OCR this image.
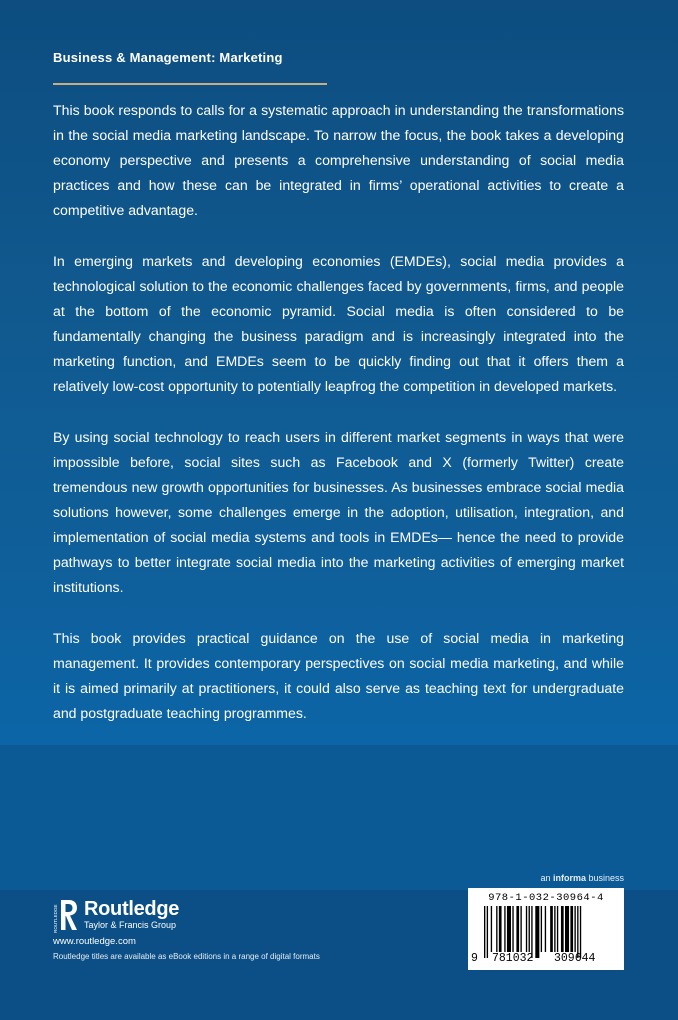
Business & Management: Marketing

This book responds to calls for a systematic approach in understanding the transformations in the social media marketing landscape. To narrow the focus, the book takes a developing economy perspective and presents a comprehensive understanding of social media practices and how these can be integrated in firms’ operational activities to create a competitive advantage.

In emerging markets and developing economies (EMDEs), social media provides a technological solution to the economic challenges faced by governments, firms, and people at the bottom of the economic pyramid. Social media is often considered to be fundamentally changing the business paradigm and is increasingly integrated into the marketing function, and EMDEs seem to be quickly finding out that it offers them a relatively low-cost opportunity to potentially leapfrog the competition in developed markets.

By using social technology to reach users in different market segments in ways that were impossible before, social sites such as Facebook and X (formerly Twitter) create tremendous new growth opportunities for businesses. As businesses embrace social media solutions however, some challenges emerge in the adoption, utilisation, integration, and implementation of social media systems and tools in EMDEs— hence the need to provide pathways to better integrate social media into the marketing activities of emerging market institutions.

This book provides practical guidance on the use of social media in marketing management. It provides contemporary perspectives on social media marketing, and while it is aimed primarily at practitioners, it could also serve as teaching text for undergraduate and postgraduate teaching programmes.

an informa business
ROUTLEDGE Routledge
Taylor & Francis Group
www.routledge.com
Routledge titles are available as eBook editions in a range of digital formats
978-1-032-30964-4
9 781032 309644
